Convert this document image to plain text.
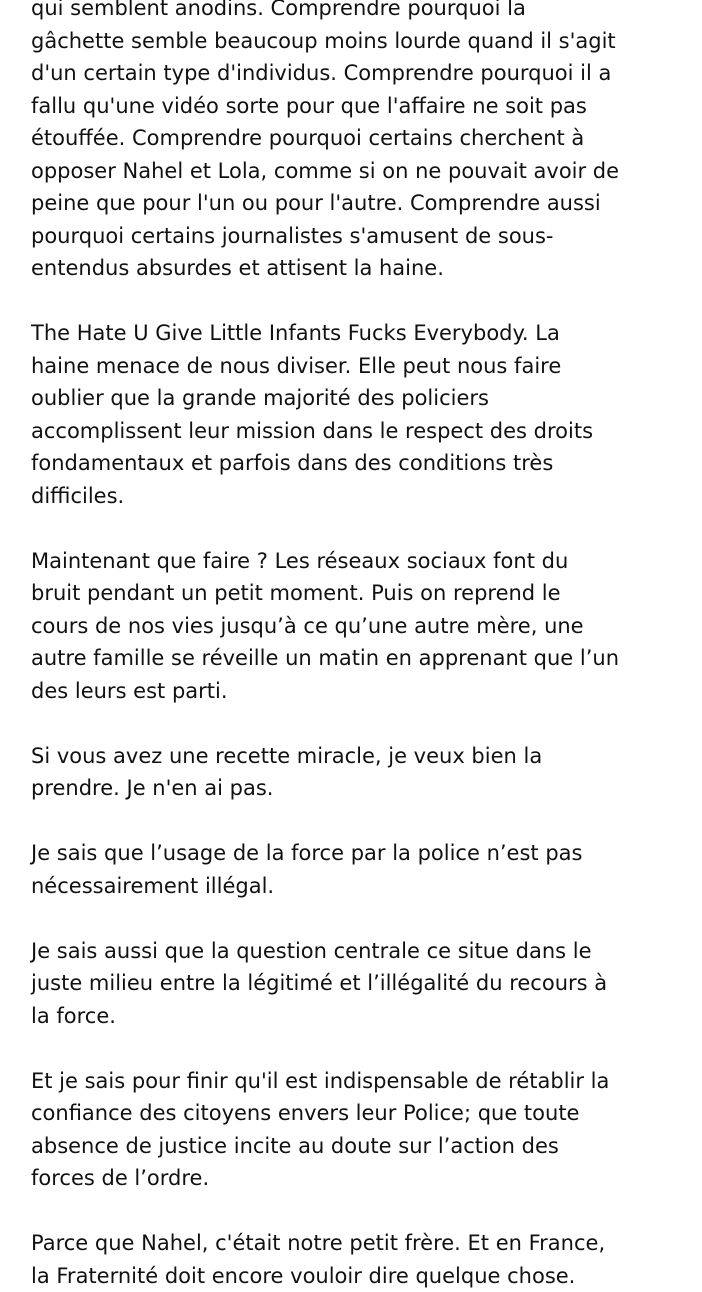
qui semblent anodins. Comprendre pourquoi la
gâchette semble beaucoup moins lourde quand il s'agit
d'un certain type d'individus. Comprendre pourquoi il a
fallu qu'une vidéo sorte pour que l'affaire ne soit pas
étouffée. Comprendre pourquoi certains cherchent à
opposer Nahel et Lola, comme si on ne pouvait avoir de
peine que pour l'un ou pour l'autre. Comprendre aussi
pourquoi certains journalistes s'amusent de sous-
entendus absurdes et attisent la haine.

The Hate U Give Little Infants Fucks Everybody. La
haine menace de nous diviser. Elle peut nous faire
oublier que la grande majorité des policiers
accomplissent leur mission dans le respect des droits
fondamentaux et parfois dans des conditions très
difficiles.

Maintenant que faire ? Les réseaux sociaux font du
bruit pendant un petit moment. Puis on reprend le
cours de nos vies jusqu’à ce qu’une autre mère, une
autre famille se réveille un matin en apprenant que l’un
des leurs est parti.

Si vous avez une recette miracle, je veux bien la
prendre. Je n'en ai pas.

Je sais que l’usage de la force par la police n’est pas
nécessairement illégal.

Je sais aussi que la question centrale ce situe dans le
juste milieu entre la légitimé et l’illégalité du recours à
la force.

Et je sais pour finir qu'il est indispensable de rétablir la
confiance des citoyens envers leur Police; que toute
absence de justice incite au doute sur l’action des
forces de l’ordre.

Parce que Nahel, c'était notre petit frère. Et en France,
la Fraternité doit encore vouloir dire quelque chose.
